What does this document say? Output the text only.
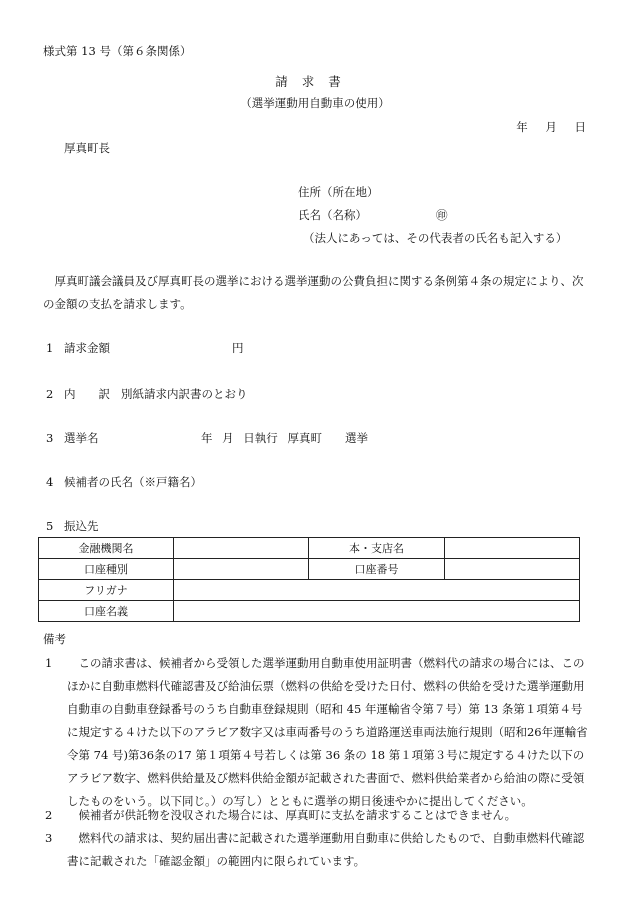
様式第 13 号（第６条関係）
請求書
（選挙運動用自動車の使用）
年 月 日
厚真町長
住所（所在地）
氏名（名称）	㊞
（法人にあっては、その代表者の氏名も記入する）
厚真町議会議員及び厚真町長の選挙における選挙運動の公費負担に関する条例第４条の規定により、次の金額の支払を請求します。
1 請求金額	円
2 内　　訳 別紙請求内訳書のとおり
3 選挙名	年 月 日執行 厚真町　　選挙
4 候補者の氏名（※戸籍名）
5 振込先
金融機関名		本・支店名	
口座種別		口座番号	
フリガナ			
口座名義			
備考
1	この請求書は、候補者から受領した選挙運動用自動車使用証明書（燃料代の請求の場合には、このほかに自動車燃料代確認書及び給油伝票（燃料の供給を受けた日付、燃料の供給を受けた選挙運動用自動車の自動車登録番号のうち自動車登録規則（昭和 45 年運輸省令第７号）第 13 条第１項第４号に規定する４けた以下のアラビア数字又は車両番号のうち道路運送車両法施行規則（昭和26年運輸省令第 74 号)第36条の17 第１項第４号若しくは第 36 条の 18 第１項第３号に規定する４けた以下のアラビア数字、燃料供給量及び燃料供給金額が記載された書面で、燃料供給業者から給油の際に受領したものをいう。以下同じ。）の写し）とともに選挙の期日後速やかに提出してください。
2	候補者が供託物を没収された場合には、厚真町に支払を請求することはできません。
3	燃料代の請求は、契約届出書に記載された選挙運動用自動車に供給したもので、自動車燃料代確認書に記載された「確認金額」の範囲内に限られています。
